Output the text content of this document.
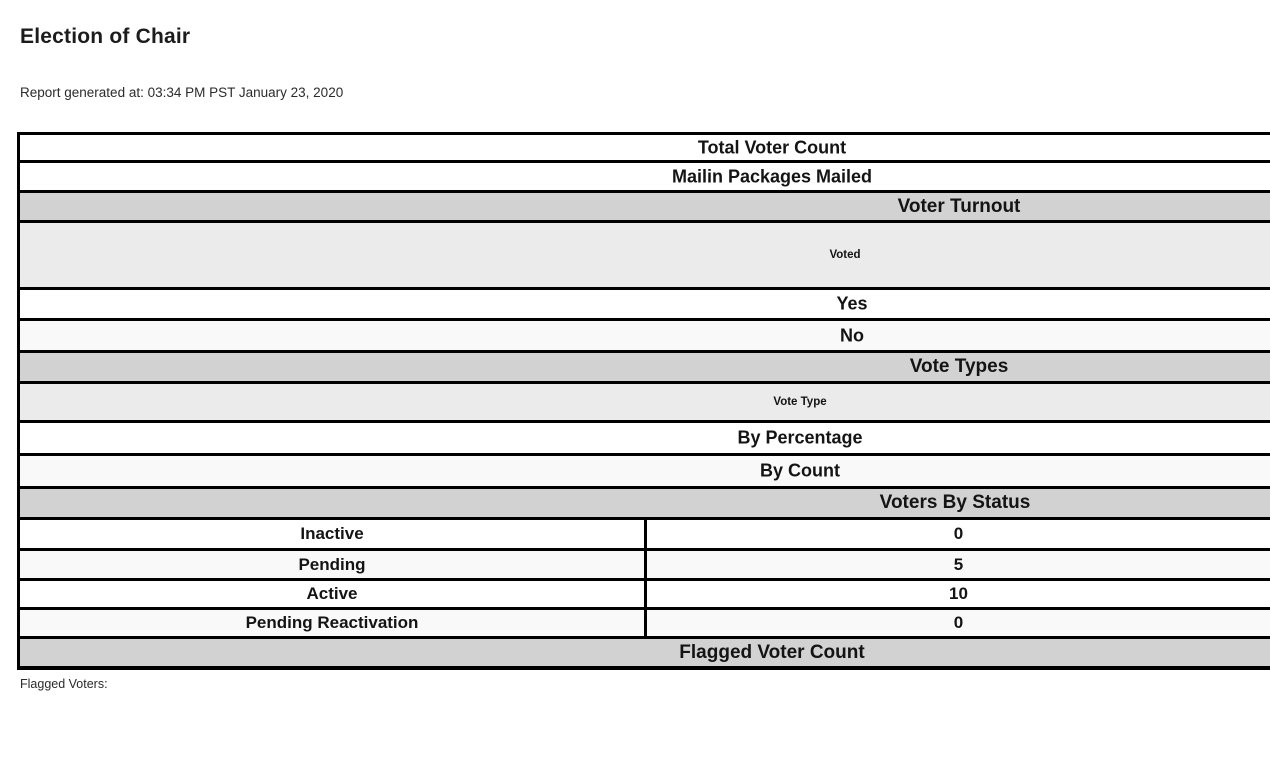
Election of Chair
Report generated at: 03:34 PM PST January 23, 2020
Total Voter Count
Mailin Packages Mailed
Voter Turnout
Voted
Yes
No
Vote Types
Vote Type
By Percentage
By Count
Voters By Status
Inactive	0
Pending	5
Active	10
Pending Reactivation	0
Flagged Voter Count
Flagged Voters:
